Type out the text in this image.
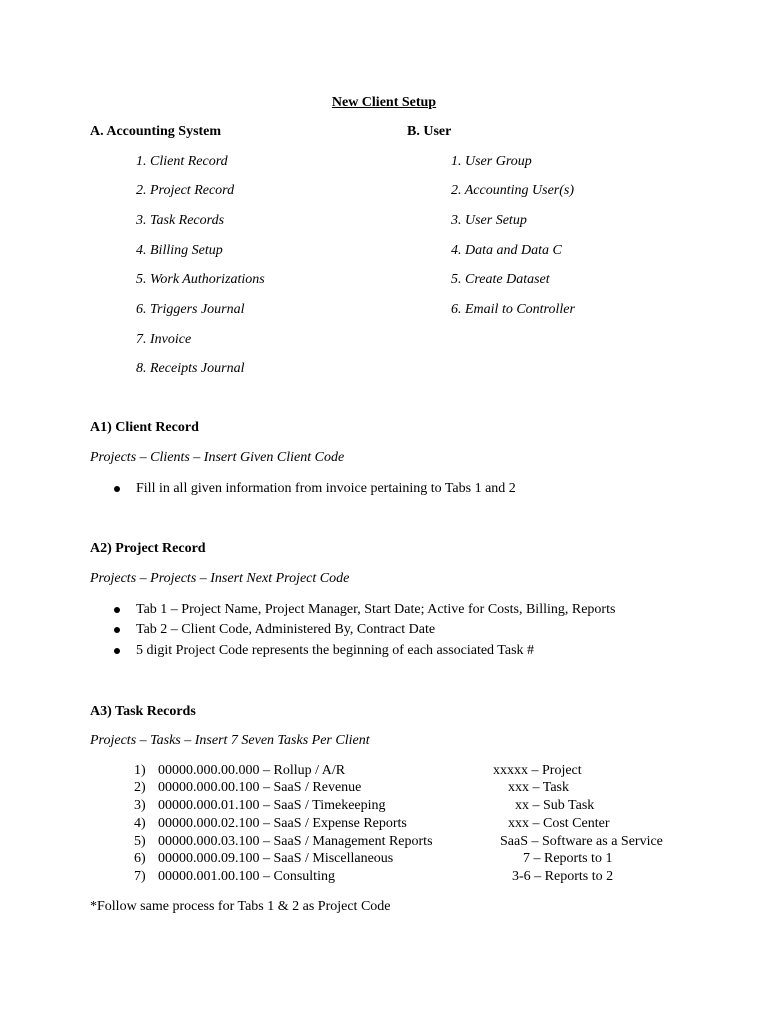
New Client Setup
A. Accounting System
1. Client Record
2. Project Record
3. Task Records
4. Billing Setup
5. Work Authorizations
6. Triggers Journal
7. Invoice
8. Receipts Journal
B. User
1. User Group
2. Accounting User(s)
3. User Setup
4. Data and Data C
5. Create Dataset
6. Email to Controller
A1) Client Record
Projects – Clients – Insert Given Client Code
Fill in all given information from invoice pertaining to Tabs 1 and 2
A2) Project Record
Projects – Projects – Insert Next Project Code
Tab 1 – Project Name, Project Manager, Start Date; Active for Costs, Billing, Reports
Tab 2 – Client Code, Administered By, Contract Date
5 digit Project Code represents the beginning of each associated Task #
A3) Task Records
Projects – Tasks – Insert 7 Seven Tasks Per Client
1) 00000.000.00.000 – Rollup / A/R
2) 00000.000.00.100 – SaaS / Revenue
3) 00000.000.01.100 – SaaS / Timekeeping
4) 00000.000.02.100 – SaaS / Expense Reports
5) 00000.000.03.100 – SaaS / Management Reports
6) 00000.000.09.100 – SaaS / Miscellaneous
7) 00000.001.00.100 – Consulting
xxxxx – Project
xxx – Task
xx – Sub Task
xxx – Cost Center
SaaS – Software as a Service
7 – Reports to 1
3-6 – Reports to 2
*Follow same process for Tabs 1 & 2 as Project Code
